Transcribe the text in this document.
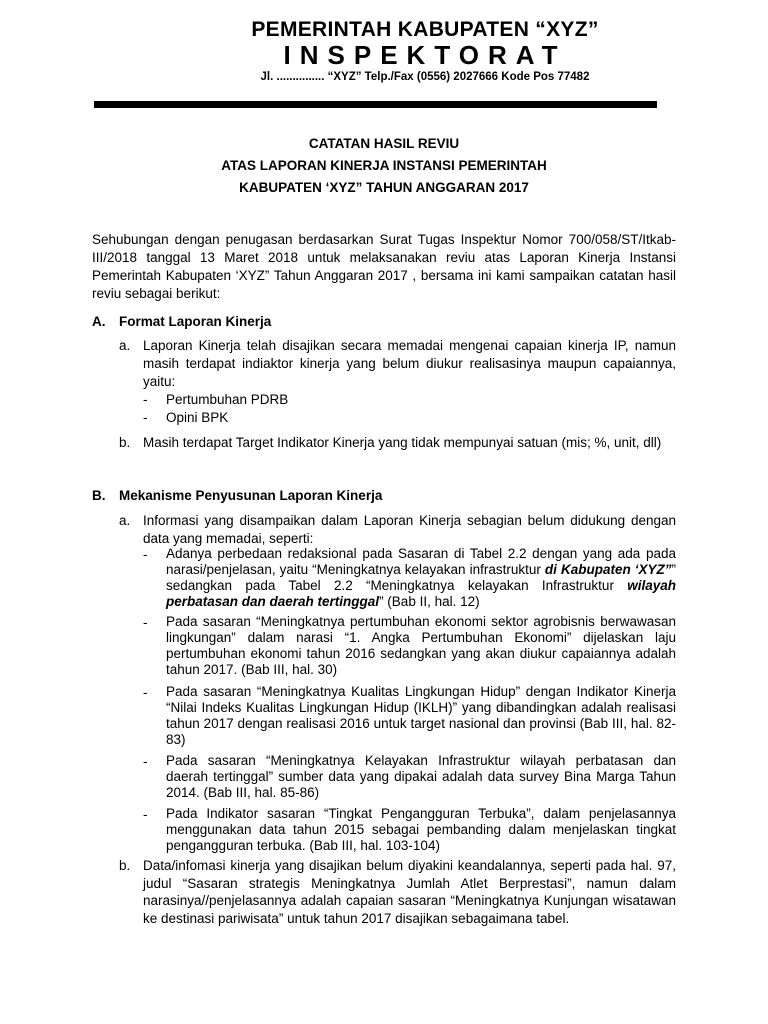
PEMERINTAH KABUPATEN “XYZ”
INSPEKTORAT
Jl. ............... “XYZ” Telp./Fax (0556) 2027666 Kode Pos 77482
CATATAN HASIL REVIU
ATAS LAPORAN KINERJA INSTANSI PEMERINTAH
KABUPATEN ‘XYZ” TAHUN ANGGARAN 2017

Sehubungan dengan penugasan berdasarkan Surat Tugas Inspektur Nomor 700/058/ST/Itkab-III/2018 tanggal 13 Maret 2018 untuk melaksanakan reviu atas Laporan Kinerja Instansi Pemerintah Kabupaten ‘XYZ” Tahun Anggaran 2017 , bersama ini kami sampaikan catatan hasil reviu sebagai berikut:

A. Format Laporan Kinerja
a. Laporan Kinerja telah disajikan secara memadai mengenai capaian kinerja IP, namun masih terdapat indiaktor kinerja yang belum diukur realisasinya maupun capaiannya, yaitu:

- Pertumbuhan PDRB
- Opini BPK
b. Masih terdapat Target Indikator Kinerja yang tidak mempunyai satuan (mis; %, unit, dll)

B. Mekanisme Penyusunan Laporan Kinerja
a. Informasi yang disampaikan dalam Laporan Kinerja sebagian belum didukung dengan data yang memadai, seperti:

- Adanya perbedaan redaksional pada Sasaran di Tabel 2.2 dengan yang ada pada narasi/penjelasan, yaitu “Meningkatnya kelayakan infrastruktur di Kabupaten ‘XYZ”” sedangkan pada Tabel 2.2 “Meningkatnya kelayakan Infrastruktur wilayah perbatasan dan daerah tertinggal” (Bab II, hal. 12)

- Pada sasaran “Meningkatnya pertumbuhan ekonomi sektor agrobisnis berwawasan lingkungan” dalam narasi “1. Angka Pertumbuhan Ekonomi” dijelaskan laju pertumbuhan ekonomi tahun 2016 sedangkan yang akan diukur capaiannya adalah tahun 2017. (Bab III, hal. 30)

- Pada sasaran “Meningkatnya Kualitas Lingkungan Hidup” dengan Indikator Kinerja “Nilai Indeks Kualitas Lingkungan Hidup (IKLH)” yang dibandingkan adalah realisasi tahun 2017 dengan realisasi 2016 untuk target nasional dan provinsi (Bab III, hal. 82-83)

- Pada sasaran “Meningkatnya Kelayakan Infrastruktur wilayah perbatasan dan daerah tertinggal” sumber data yang dipakai adalah data survey Bina Marga Tahun 2014. (Bab III, hal. 85-86)

- Pada Indikator sasaran “Tingkat Pengangguran Terbuka”, dalam penjelasannya menggunakan data tahun 2015 sebagai pembanding dalam menjelaskan tingkat pengangguran terbuka. (Bab III, hal. 103-104)

b. Data/infomasi kinerja yang disajikan belum diyakini keandalannya, seperti pada hal. 97, judul “Sasaran strategis Meningkatnya Jumlah Atlet Berprestasi”, namun dalam narasinya//penjelasannya adalah capaian sasaran “Meningkatnya Kunjungan wisatawan ke destinasi pariwisata” untuk tahun 2017 disajikan sebagaimana tabel.
